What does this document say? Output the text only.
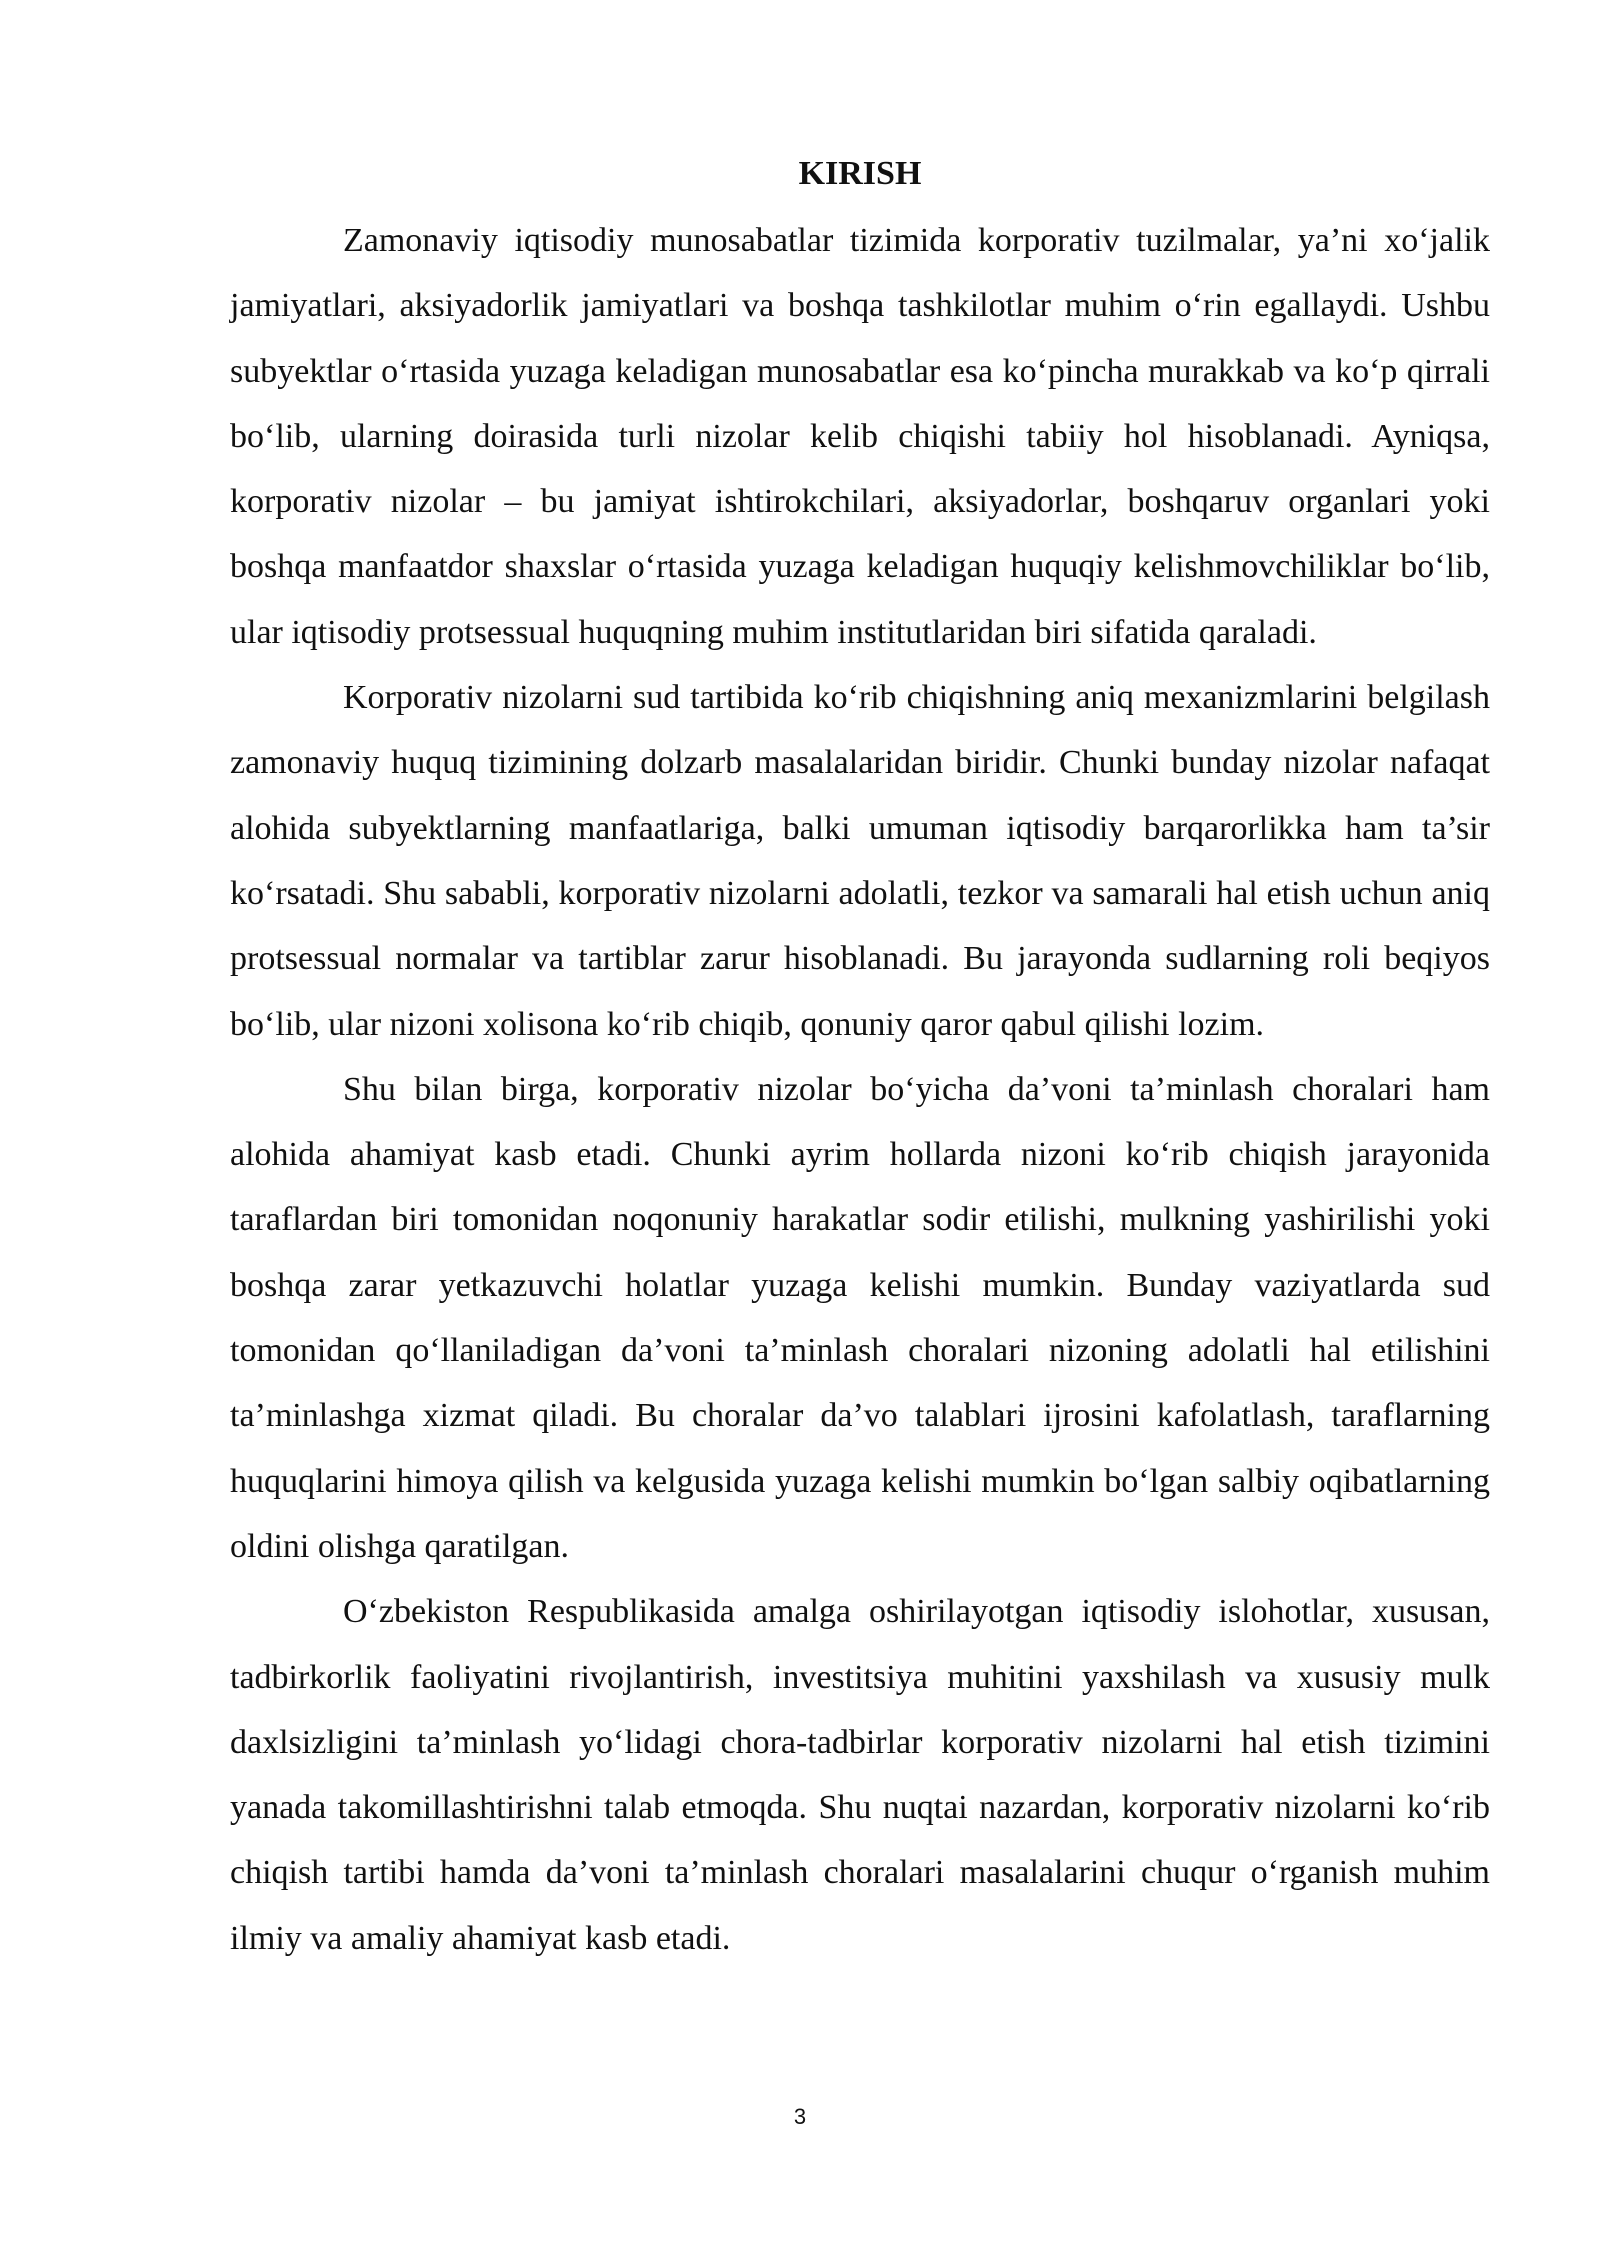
KIRISH

Zamonaviy iqtisodiy munosabatlar tizimida korporativ tuzilmalar, ya’ni xo‘jalik jamiyatlari, aksiyadorlik jamiyatlari va boshqa tashkilotlar muhim o‘rin egallaydi. Ushbu subyektlar o‘rtasida yuzaga keladigan munosabatlar esa ko‘pincha murakkab va ko‘p qirrali bo‘lib, ularning doirasida turli nizolar kelib chiqishi tabiiy hol hisoblanadi. Ayniqsa, korporativ nizolar – bu jamiyat ishtirokchilari, aksiyadorlar, boshqaruv organlari yoki boshqa manfaatdor shaxslar o‘rtasida yuzaga keladigan huquqiy kelishmovchiliklar bo‘lib, ular iqtisodiy protsessual huquqning muhim institutlaridan biri sifatida qaraladi.

Korporativ nizolarni sud tartibida ko‘rib chiqishning aniq mexanizmlarini belgilash zamonaviy huquq tizimining dolzarb masalalaridan biridir. Chunki bunday nizolar nafaqat alohida subyektlarning manfaatlariga, balki umuman iqtisodiy barqarorlikka ham ta’sir ko‘rsatadi. Shu sababli, korporativ nizolarni adolatli, tezkor va samarali hal etish uchun aniq protsessual normalar va tartiblar zarur hisoblanadi. Bu jarayonda sudlarning roli beqiyos bo‘lib, ular nizoni xolisona ko‘rib chiqib, qonuniy qaror qabul qilishi lozim.

Shu bilan birga, korporativ nizolar bo‘yicha da’voni ta’minlash choralari ham alohida ahamiyat kasb etadi. Chunki ayrim hollarda nizoni ko‘rib chiqish jarayonida taraflardan biri tomonidan noqonuniy harakatlar sodir etilishi, mulkning yashirilishi yoki boshqa zarar yetkazuvchi holatlar yuzaga kelishi mumkin. Bunday vaziyatlarda sud tomonidan qo‘llaniladigan da’voni ta’minlash choralari nizoning adolatli hal etilishini ta’minlashga xizmat qiladi. Bu choralar da’vo talablari ijrosini kafolatlash, taraflarning huquqlarini himoya qilish va kelgusida yuzaga kelishi mumkin bo‘lgan salbiy oqibatlarning oldini olishga qaratilgan.

O‘zbekiston Respublikasida amalga oshirilayotgan iqtisodiy islohotlar, xususan, tadbirkorlik faoliyatini rivojlantirish, investitsiya muhitini yaxshilash va xususiy mulk daxlsizligini ta’minlash yo‘lidagi chora-tadbirlar korporativ nizolarni hal etish tizimini yanada takomillashtirishni talab etmoqda. Shu nuqtai nazardan, korporativ nizolarni ko‘rib chiqish tartibi hamda da’voni ta’minlash choralari masalalarini chuqur o‘rganish muhim ilmiy va amaliy ahamiyat kasb etadi.

3
